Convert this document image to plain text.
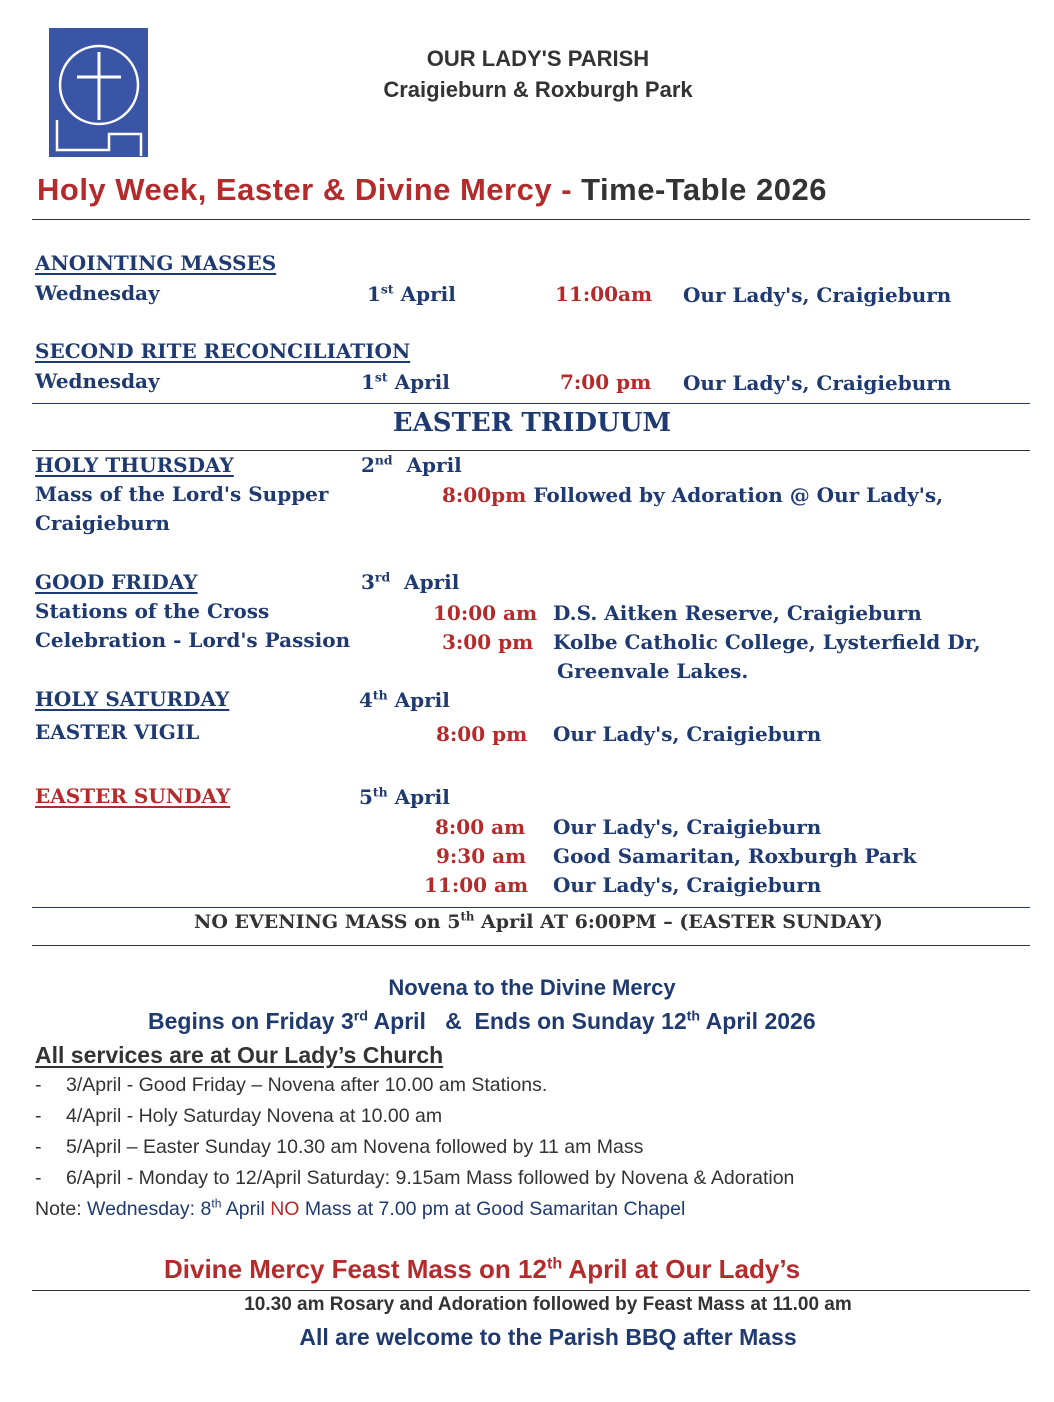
OUR LADY'S PARISH
Craigieburn & Roxburgh Park
Holy Week, Easter & Divine Mercy - Time-Table 2026
ANOINTING MASSES
Wednesday	1st April	11:00am Our Lady's, Craigieburn
SECOND RITE RECONCILIATION
Wednesday	1st April	7:00 pm Our Lady's, Craigieburn
EASTER TRIDUUM
HOLY THURSDAY	2nd  April
Mass of the Lord's Supper	8:00pm Followed by Adoration @ Our Lady's,
Craigieburn
GOOD FRIDAY	3rd  April
Stations of the Cross	10:00 am D.S. Aitken Reserve, Craigieburn
Celebration - Lord's Passion	3:00 pm Kolbe Catholic College, Lysterfield Dr,
Greenvale Lakes.
HOLY SATURDAY	4th April
EASTER VIGIL	8:00 pm Our Lady's, Craigieburn
EASTER SUNDAY	5th April
8:00 am Our Lady's, Craigieburn
9:30 am Good Samaritan, Roxburgh Park
11:00 am Our Lady's, Craigieburn
NO EVENING MASS on 5th April AT 6:00PM – (EASTER SUNDAY)
Novena to the Divine Mercy
Begins on Friday 3rd April   &  Ends on Sunday 12th April 2026
All services are at Our Lady’s Church
-	3/April - Good Friday – Novena after 10.00 am Stations.
-	4/April - Holy Saturday Novena at 10.00 am
-	5/April – Easter Sunday 10.30 am Novena followed by 11 am Mass
-	6/April - Monday to 12/April Saturday: 9.15am Mass followed by Novena & Adoration
Note: Wednesday: 8th April NO Mass at 7.00 pm at Good Samaritan Chapel
Divine Mercy Feast Mass on 12th April at Our Lady’s
10.30 am Rosary and Adoration followed by Feast Mass at 11.00 am
All are welcome to the Parish BBQ after Mass
